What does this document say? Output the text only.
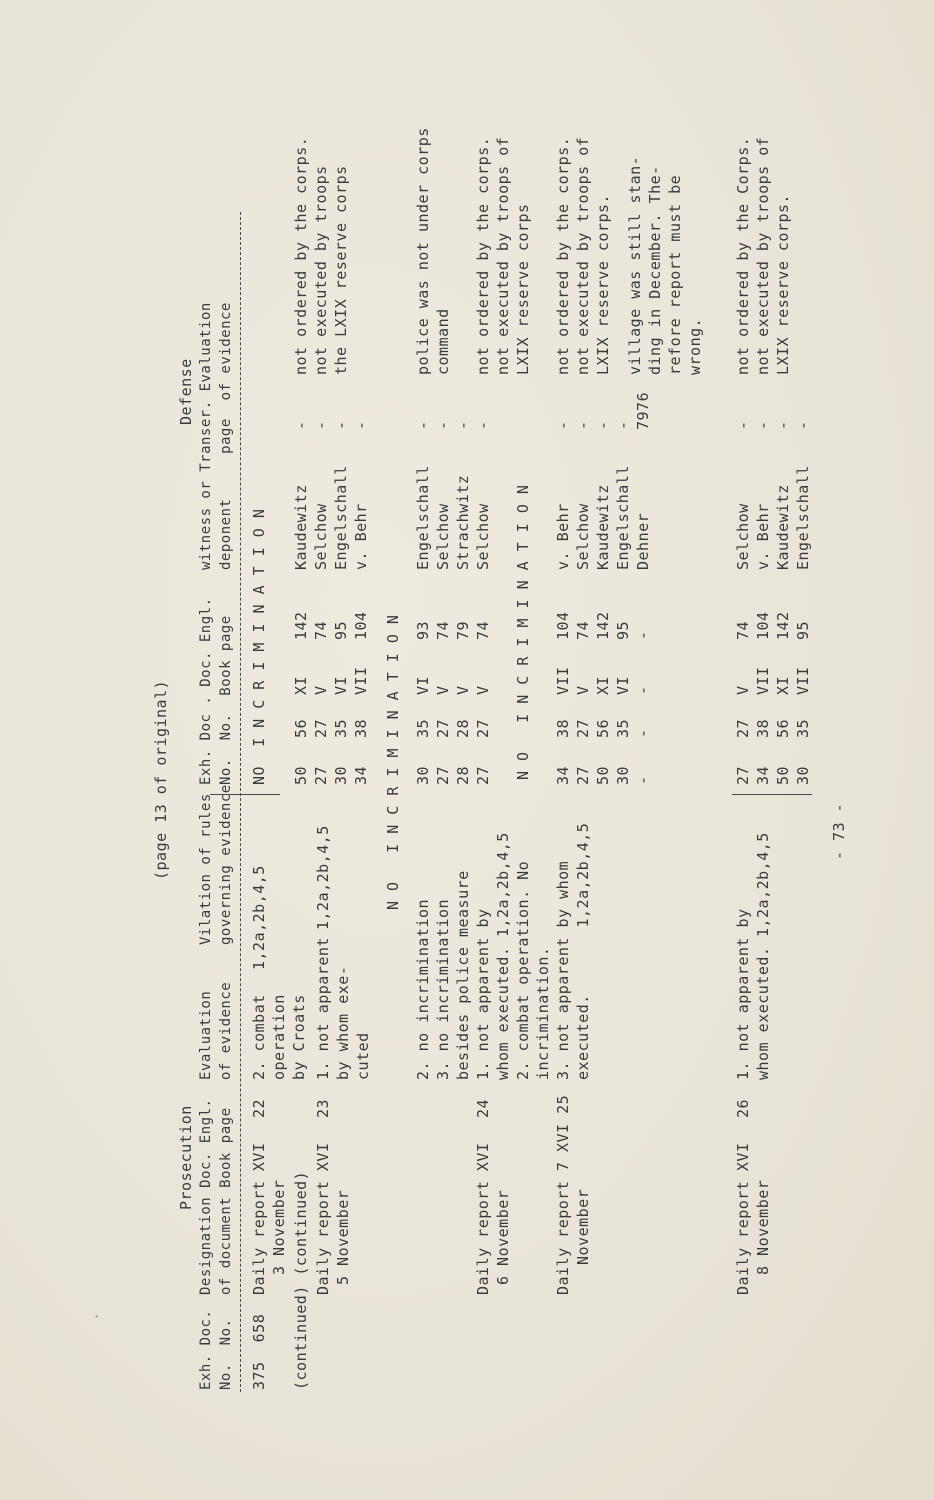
(page 13 of original)
Prosecution
Defense
Exh. Doc. No.  No.
Designation Doc. Engl. of document Book page
Evaluation of evidence
Vilation of rules governing evidence
Exh. Doc . Doc. Engl. No.  No.  Book page
witness or Transer. Evaluation deponent     page  of evidence
375  658
Daily report XVI 3 November
22
2. combat operation by Croats
1,2a,2b,4,5
NO  I N C R I M I N A T I O N
(continued) (continued) Daily report XVI 5 November
23
1. not apparent by whom exe- cuted
1,2a,2b,4,5	N O   I N C R I M I N A T I O N
2. no incrimination 3. no incrimination besides police measure
Daily report XVI 6 November
24
1. not apparent by whom executed. 1,2a,2b,4,5 2. combat operation. No incrimination.
N O   I N C R I M I N A T I O N
Daily report 7 XVI 25 November
3. not apparent by whom executed.       1,2a,2b,4,5
Daily report XVI 8 November
26
1. not apparent by whom executed. 1,2a,2b,4,5
50 27 30 34
56 27 35 38
XI V VI VII
142 74 95 104
Kaudewitz Selchow Engelschall v. Behr
- - - -
not ordered by the corps. not executed by troops the LXIX reserve corps
30 27 28
35 27 28
VI V V
93 74 79
Engelschall Selchow Strachwitz
- - -
police was not under corps command
27
27
V
74
Selchow
-
not ordered by the corps. not executed by troops of LXIX reserve corps
34 27 50 30 -
38 27 56 35 -
VII V XI VI -
104 74 142 95 -
v. Behr Selchow Kaudewitz Engelschall Dehner
- - - - 7976
not ordered by the corps. not executed by troops of LXIX reserve corps. village was still stan- ding in December. The- refore report must be wrong.
27 34 50 30
27 38 56 35
V VII XI VII
74 104 142 95
Selchow v. Behr Kaudewitz Engelschall
- - - -
not ordered by the Corps. not executed by troops of LXIX reserve corps.
- 73 -
·
